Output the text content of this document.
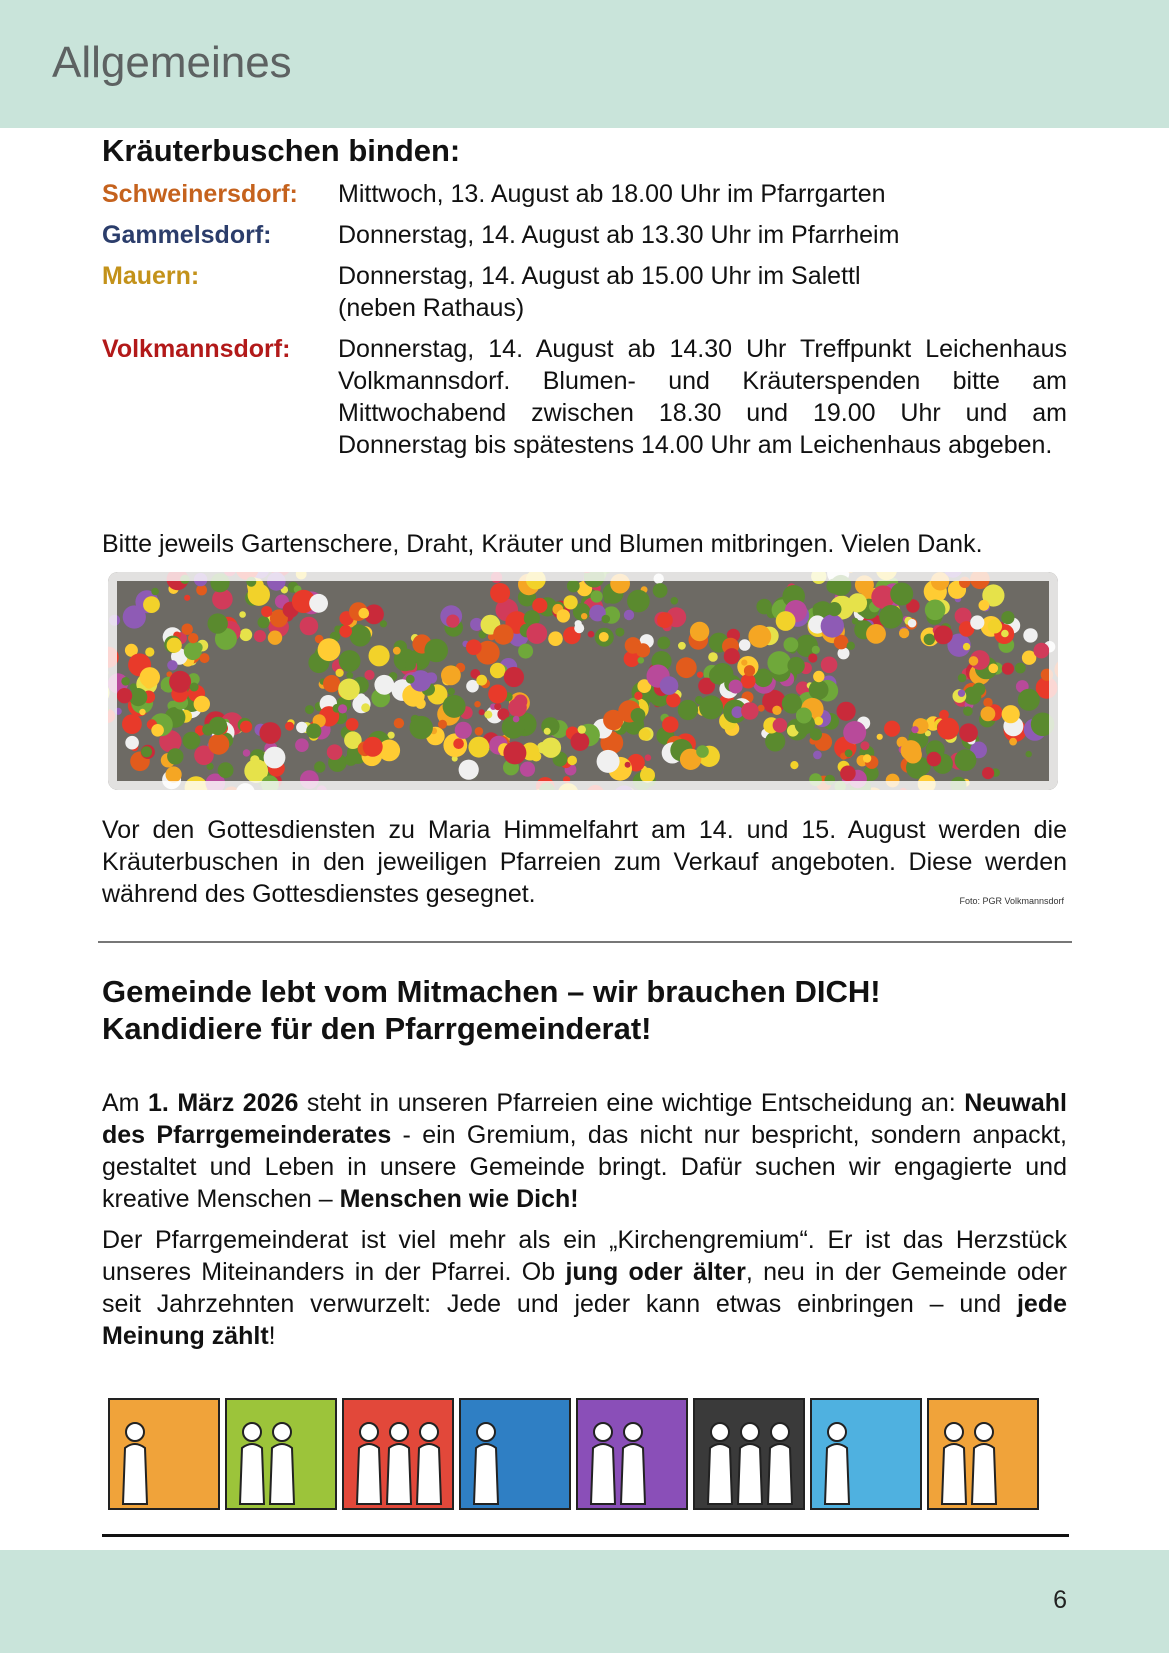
Allgemeines
Kräuterbuschen binden:
Schweinersdorf:	Mittwoch, 13. August ab 18.00 Uhr im Pfarrgarten
Gammelsdorf:	Donnerstag, 14. August ab 13.30 Uhr im Pfarrheim
Mauern:	Donnerstag, 14. August ab 15.00 Uhr im Salettl (neben Rathaus)
Volkmannsdorf:	Donnerstag, 14. August ab 14.30 Uhr Treffpunkt Leichenhaus Volkmannsdorf. Blumen- und Kräuterspenden bitte am Mittwochabend zwischen 18.30 und 19.00 Uhr und am Donnerstag bis spätestens 14.00 Uhr am Leichenhaus abgeben.

Bitte jeweils Gartenschere, Draht, Kräuter und Blumen mitbringen. Vielen Dank.

Vor den Gottesdiensten zu Maria Himmelfahrt am 14. und 15. August werden die Kräuterbuschen in den jeweiligen Pfarreien zum Verkauf angeboten. Diese werden während des Gottesdienstes gesegnet.	Foto: PGR Volkmannsdorf
Gemeinde lebt vom Mitmachen – wir brauchen DICH!
Kandidiere für den Pfarrgemeinderat!

Am 1. März 2026 steht in unseren Pfarreien eine wichtige Entscheidung an: Neuwahl des Pfarrgemeinderates - ein Gremium, das nicht nur bespricht, sondern anpackt, gestaltet und Leben in unsere Gemeinde bringt. Dafür suchen wir engagierte und kreative Menschen – Menschen wie Dich!

Der Pfarrgemeinderat ist viel mehr als ein „Kirchengremium“. Er ist das Herzstück unseres Miteinanders in der Pfarrei. Ob jung oder älter, neu in der Gemeinde oder seit Jahrzehnten verwurzelt: Jede und jeder kann etwas einbringen – und jede Meinung zählt!

6
